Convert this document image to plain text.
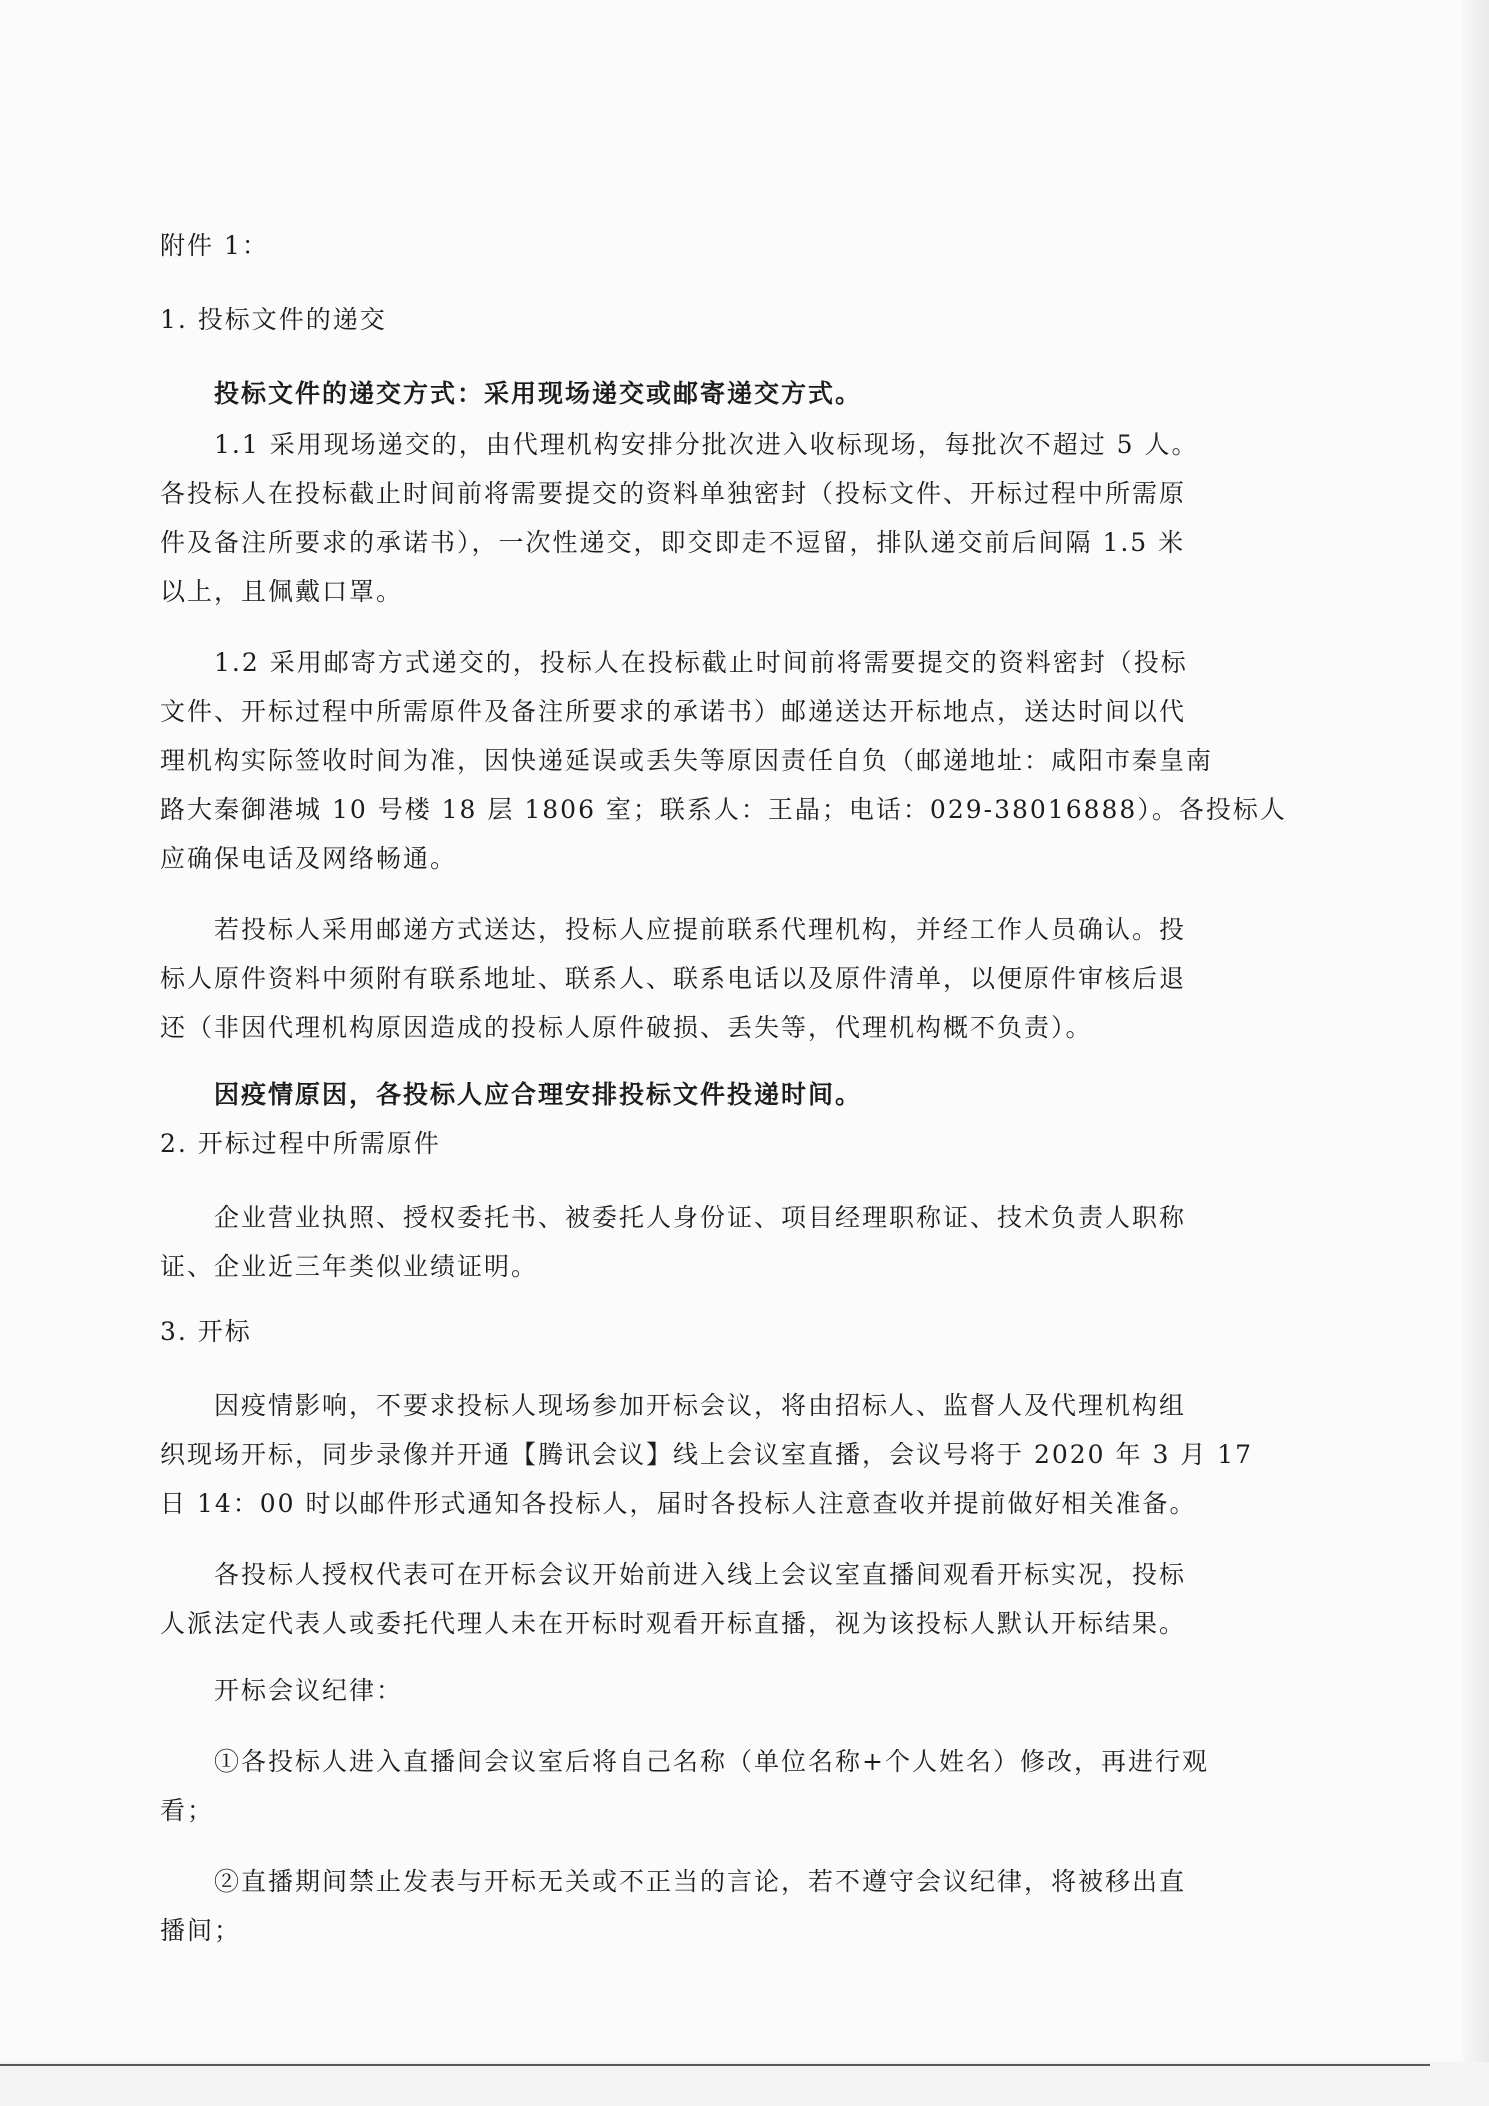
附件 1：

1. 投标文件的递交

投标文件的递交方式：采用现场递交或邮寄递交方式。

1.1 采用现场递交的，由代理机构安排分批次进入收标现场，每批次不超过 5 人。

各投标人在投标截止时间前将需要提交的资料单独密封（投标文件、开标过程中所需原

件及备注所要求的承诺书），一次性递交，即交即走不逗留，排队递交前后间隔 1.5 米

以上，且佩戴口罩。

1.2 采用邮寄方式递交的，投标人在投标截止时间前将需要提交的资料密封（投标

文件、开标过程中所需原件及备注所要求的承诺书）邮递送达开标地点，送达时间以代

理机构实际签收时间为准，因快递延误或丢失等原因责任自负（邮递地址：咸阳市秦皇南

路大秦御港城 10 号楼 18 层 1806 室；联系人：王晶；电话：029-38016888）。各投标人

应确保电话及网络畅通。

若投标人采用邮递方式送达，投标人应提前联系代理机构，并经工作人员确认。投

标人原件资料中须附有联系地址、联系人、联系电话以及原件清单，以便原件审核后退

还（非因代理机构原因造成的投标人原件破损、丢失等，代理机构概不负责）。

因疫情原因，各投标人应合理安排投标文件投递时间。

2. 开标过程中所需原件

企业营业执照、授权委托书、被委托人身份证、项目经理职称证、技术负责人职称

证、企业近三年类似业绩证明。

3. 开标

因疫情影响，不要求投标人现场参加开标会议，将由招标人、监督人及代理机构组

织现场开标，同步录像并开通【腾讯会议】线上会议室直播，会议号将于 2020 年 3 月 17

日 14：00 时以邮件形式通知各投标人，届时各投标人注意查收并提前做好相关准备。

各投标人授权代表可在开标会议开始前进入线上会议室直播间观看开标实况，投标

人派法定代表人或委托代理人未在开标时观看开标直播，视为该投标人默认开标结果。

开标会议纪律：

①各投标人进入直播间会议室后将自己名称（单位名称+个人姓名）修改，再进行观

看；

②直播期间禁止发表与开标无关或不正当的言论，若不遵守会议纪律，将被移出直

播间；
